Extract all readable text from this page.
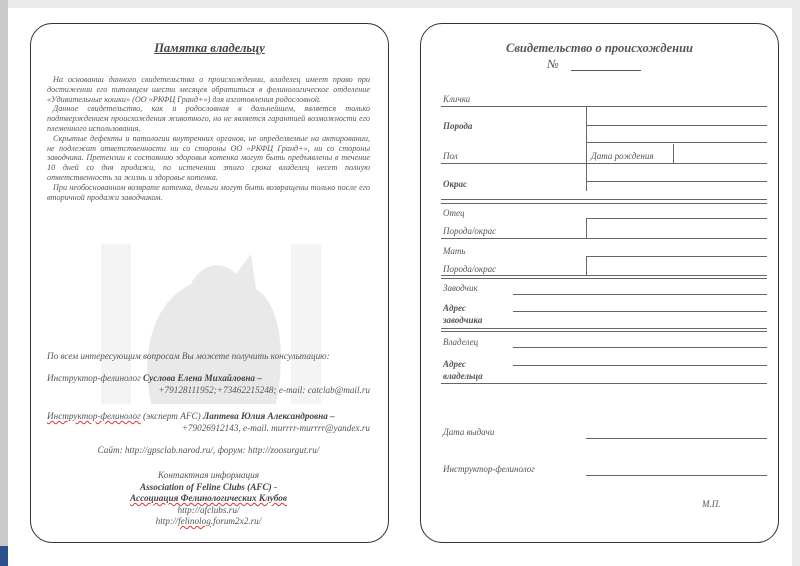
Памятка владельцу

На основании данного свидетельства о происхождении, владелец имеет право при достижении его питомцем шести месяцев обратиться в фелинологическое отделение «Удивительные кошки» (ОО «РКФЦ Гранд+») для изготовления родословной.

Данное свидетельство, как и родословная в дальнейшем, является только подтверждением происхождения животного, но не является гарантией возможности его племенного использования.

Скрытые дефекты и патологии внутренних органов, не определяемые на актировании, не подлежат ответственности ни со стороны ОО «РКФЦ Гранд+», ни со стороны заводчика. Претензии к состоянию здоровья котенка могут быть предъявлены в течение 10 дней со дня продажи, по истечении этого срока владелец несет полную ответственность за жизнь и здоровье котенка.

При необоснованном возврате котенка, деньги могут быть возвращены только после его вторичной продажи заводчиком.

По всем интересующим вопросам Вы можете получить консультацию:
Инструктор-фелинолог Суслова Елена Михайловна –
+79128111952;+73462215248; e-mail: catclab@mail.ru
Инструктор-фелинолог (эксперт AFC) Лаптева Юлия Александровна –
+79026912143, e-mail. murrrr-murrrr@yandex.ru
Сайт: http://gpsclab.narod.ru/, форум: http://zoosurgut.ru/
Контактная информация
Association of Feline Clubs (AFC) -
Ассоциация Фелинологических Клубов
http://afclubs.ru/
http://felinolog.forum2x2.ru/
Свидетельство о происхождении
№
Кличка
Порода
Пол	Дата рождения
Окрас
Отец
Порода/окрас
Мать
Порода/окрас
Заводчик
Адрес
заводчика
Владелец
Адрес
владельца
Дата выдачи
Инструктор-фелинолог
М.П.
